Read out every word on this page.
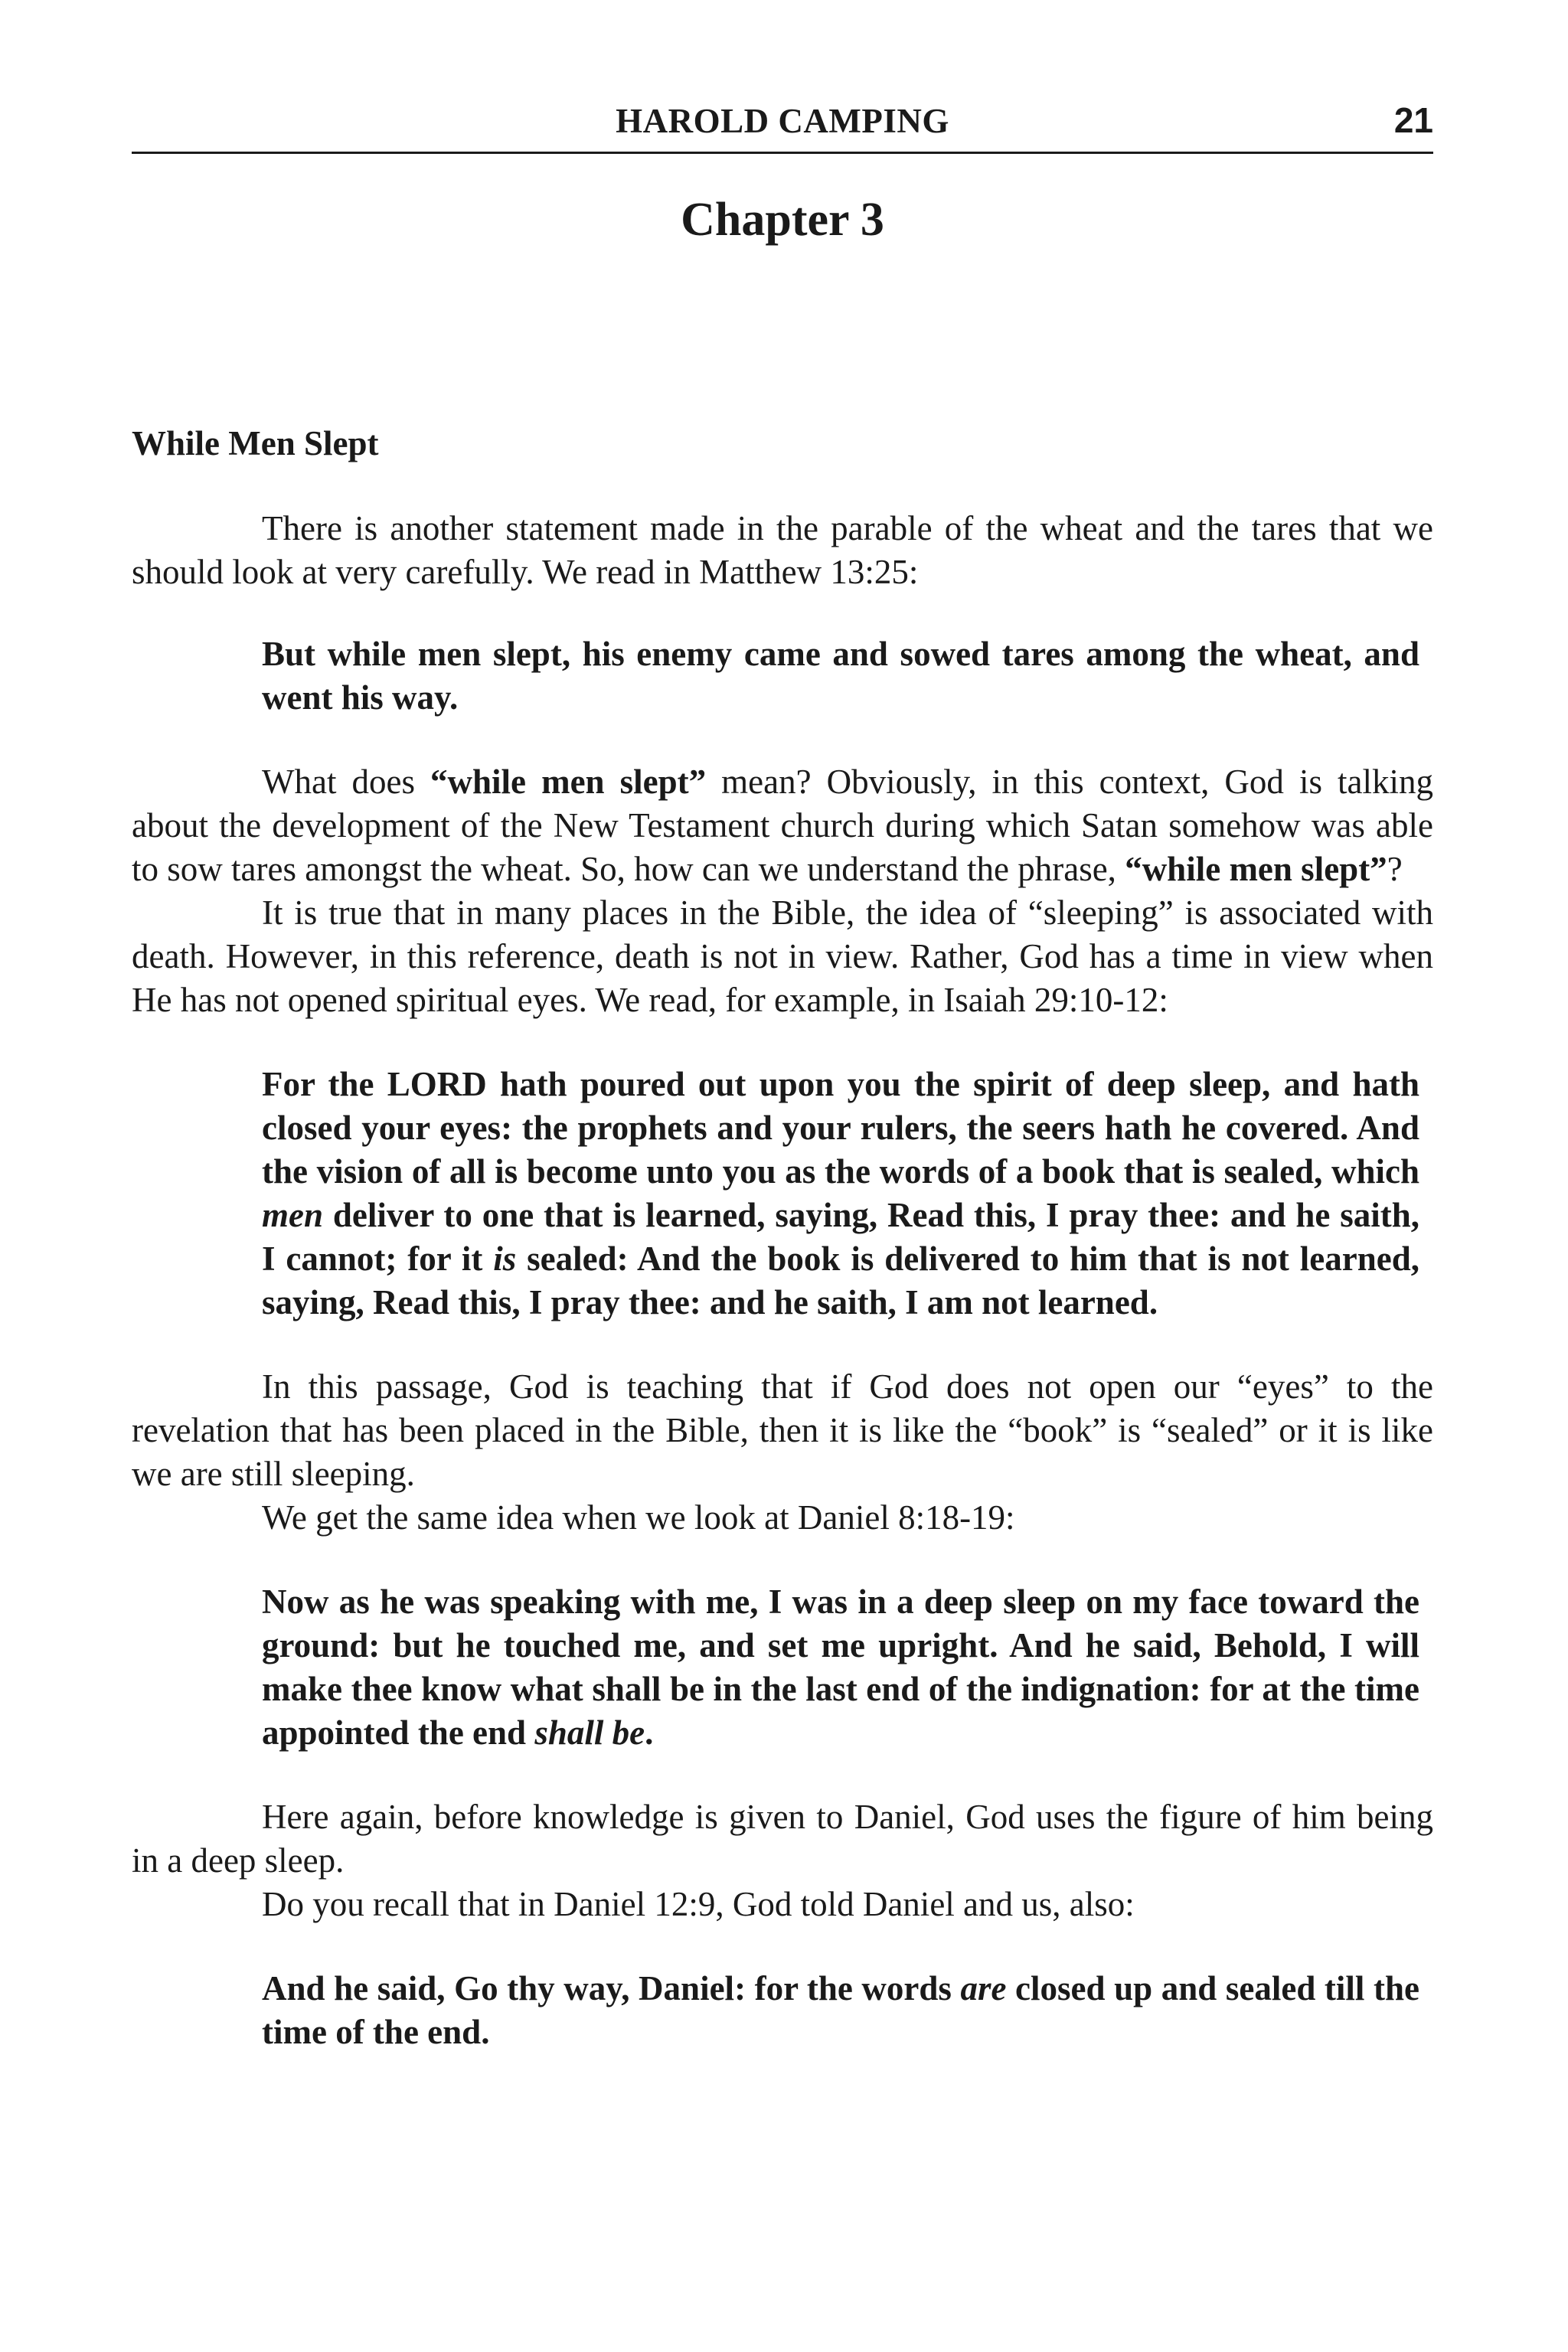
HAROLD CAMPING	21
Chapter 3
While Men Slept

There is another statement made in the parable of the wheat and the tares that we should look at very carefully. We read in Matthew 13:25:

But while men slept, his enemy came and sowed tares among the wheat, and went his way.

What does “while men slept” mean? Obviously, in this context, God is talking about the development of the New Testament church during which Satan somehow was able to sow tares amongst the wheat. So, how can we understand the phrase, “while men slept”?

It is true that in many places in the Bible, the idea of “sleeping” is associated with death. However, in this reference, death is not in view. Rather, God has a time in view when He has not opened spiritual eyes. We read, for example, in Isaiah 29:10-12:

For the LORD hath poured out upon you the spirit of deep sleep, and hath closed your eyes: the prophets and your rulers, the seers hath he covered. And the vision of all is become unto you as the words of a book that is sealed, which men deliver to one that is learned, saying, Read this, I pray thee: and he saith, I cannot; for it is sealed: And the book is delivered to him that is not learned, saying, Read this, I pray thee: and he saith, I am not learned.

In this passage, God is teaching that if God does not open our “eyes” to the revelation that has been placed in the Bible, then it is like the “book” is “sealed” or it is like we are still sleeping.

We get the same idea when we look at Daniel 8:18-19:

Now as he was speaking with me, I was in a deep sleep on my face toward the ground: but he touched me, and set me upright. And he said, Behold, I will make thee know what shall be in the last end of the indignation: for at the time appointed the end shall be.

Here again, before knowledge is given to Daniel, God uses the figure of him being in a deep sleep.

Do you recall that in Daniel 12:9, God told Daniel and us, also:

And he said, Go thy way, Daniel: for the words are closed up and sealed till the time of the end.
